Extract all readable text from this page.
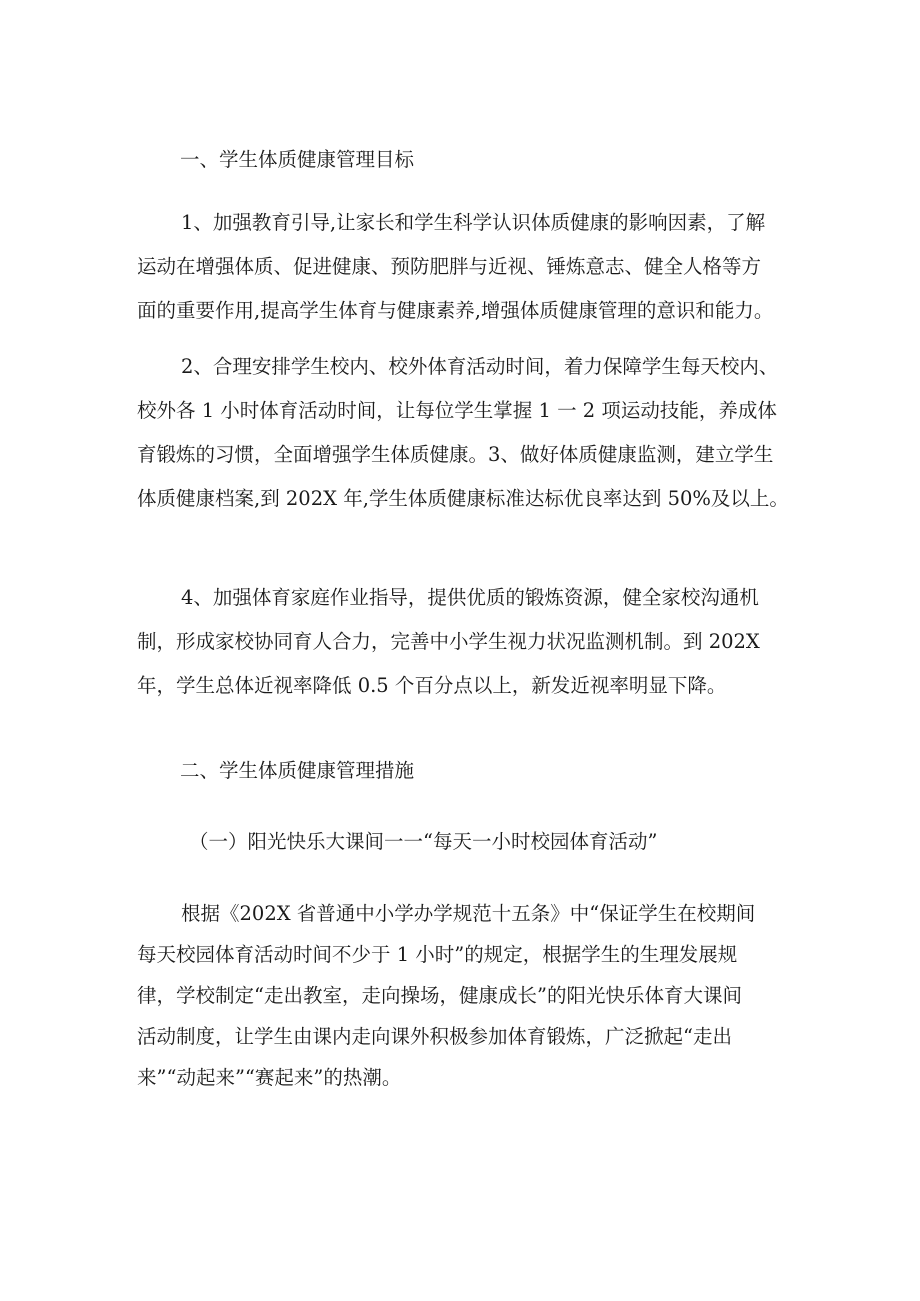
一、学生体质健康管理目标
1、加强教育引导,让家长和学生科学认识体质健康的影响因素，了解
运动在增强体质、促进健康、预防肥胖与近视、锤炼意志、健全人格等方
面的重要作用,提高学生体育与健康素养,增强体质健康管理的意识和能力。
2、合理安排学生校内、校外体育活动时间，着力保障学生每天校内、
校外各 1 小时体育活动时间，让每位学生掌握 1 一 2 项运动技能，养成体
育锻炼的习惯，全面增强学生体质健康。3、做好体质健康监测，建立学生
体质健康档案,到 202X 年,学生体质健康标准达标优良率达到 50%及以上。
4、加强体育家庭作业指导，提供优质的锻炼资源，健全家校沟通机
制，形成家校协同育人合力，完善中小学生视力状况监测机制。到 202X
年，学生总体近视率降低 0.5 个百分点以上，新发近视率明显下降。
二、学生体质健康管理措施
（一）阳光快乐大课间一一“每天一小时校园体育活动”
根据《202X 省普通中小学办学规范十五条》中“保证学生在校期间
每天校园体育活动时间不少于 1 小时”的规定，根据学生的生理发展规
律，学校制定“走出教室，走向操场，健康成长”的阳光快乐体育大课间
活动制度，让学生由课内走向课外积极参加体育锻炼，广泛掀起“走出
来”“动起来”“赛起来”的热潮。
